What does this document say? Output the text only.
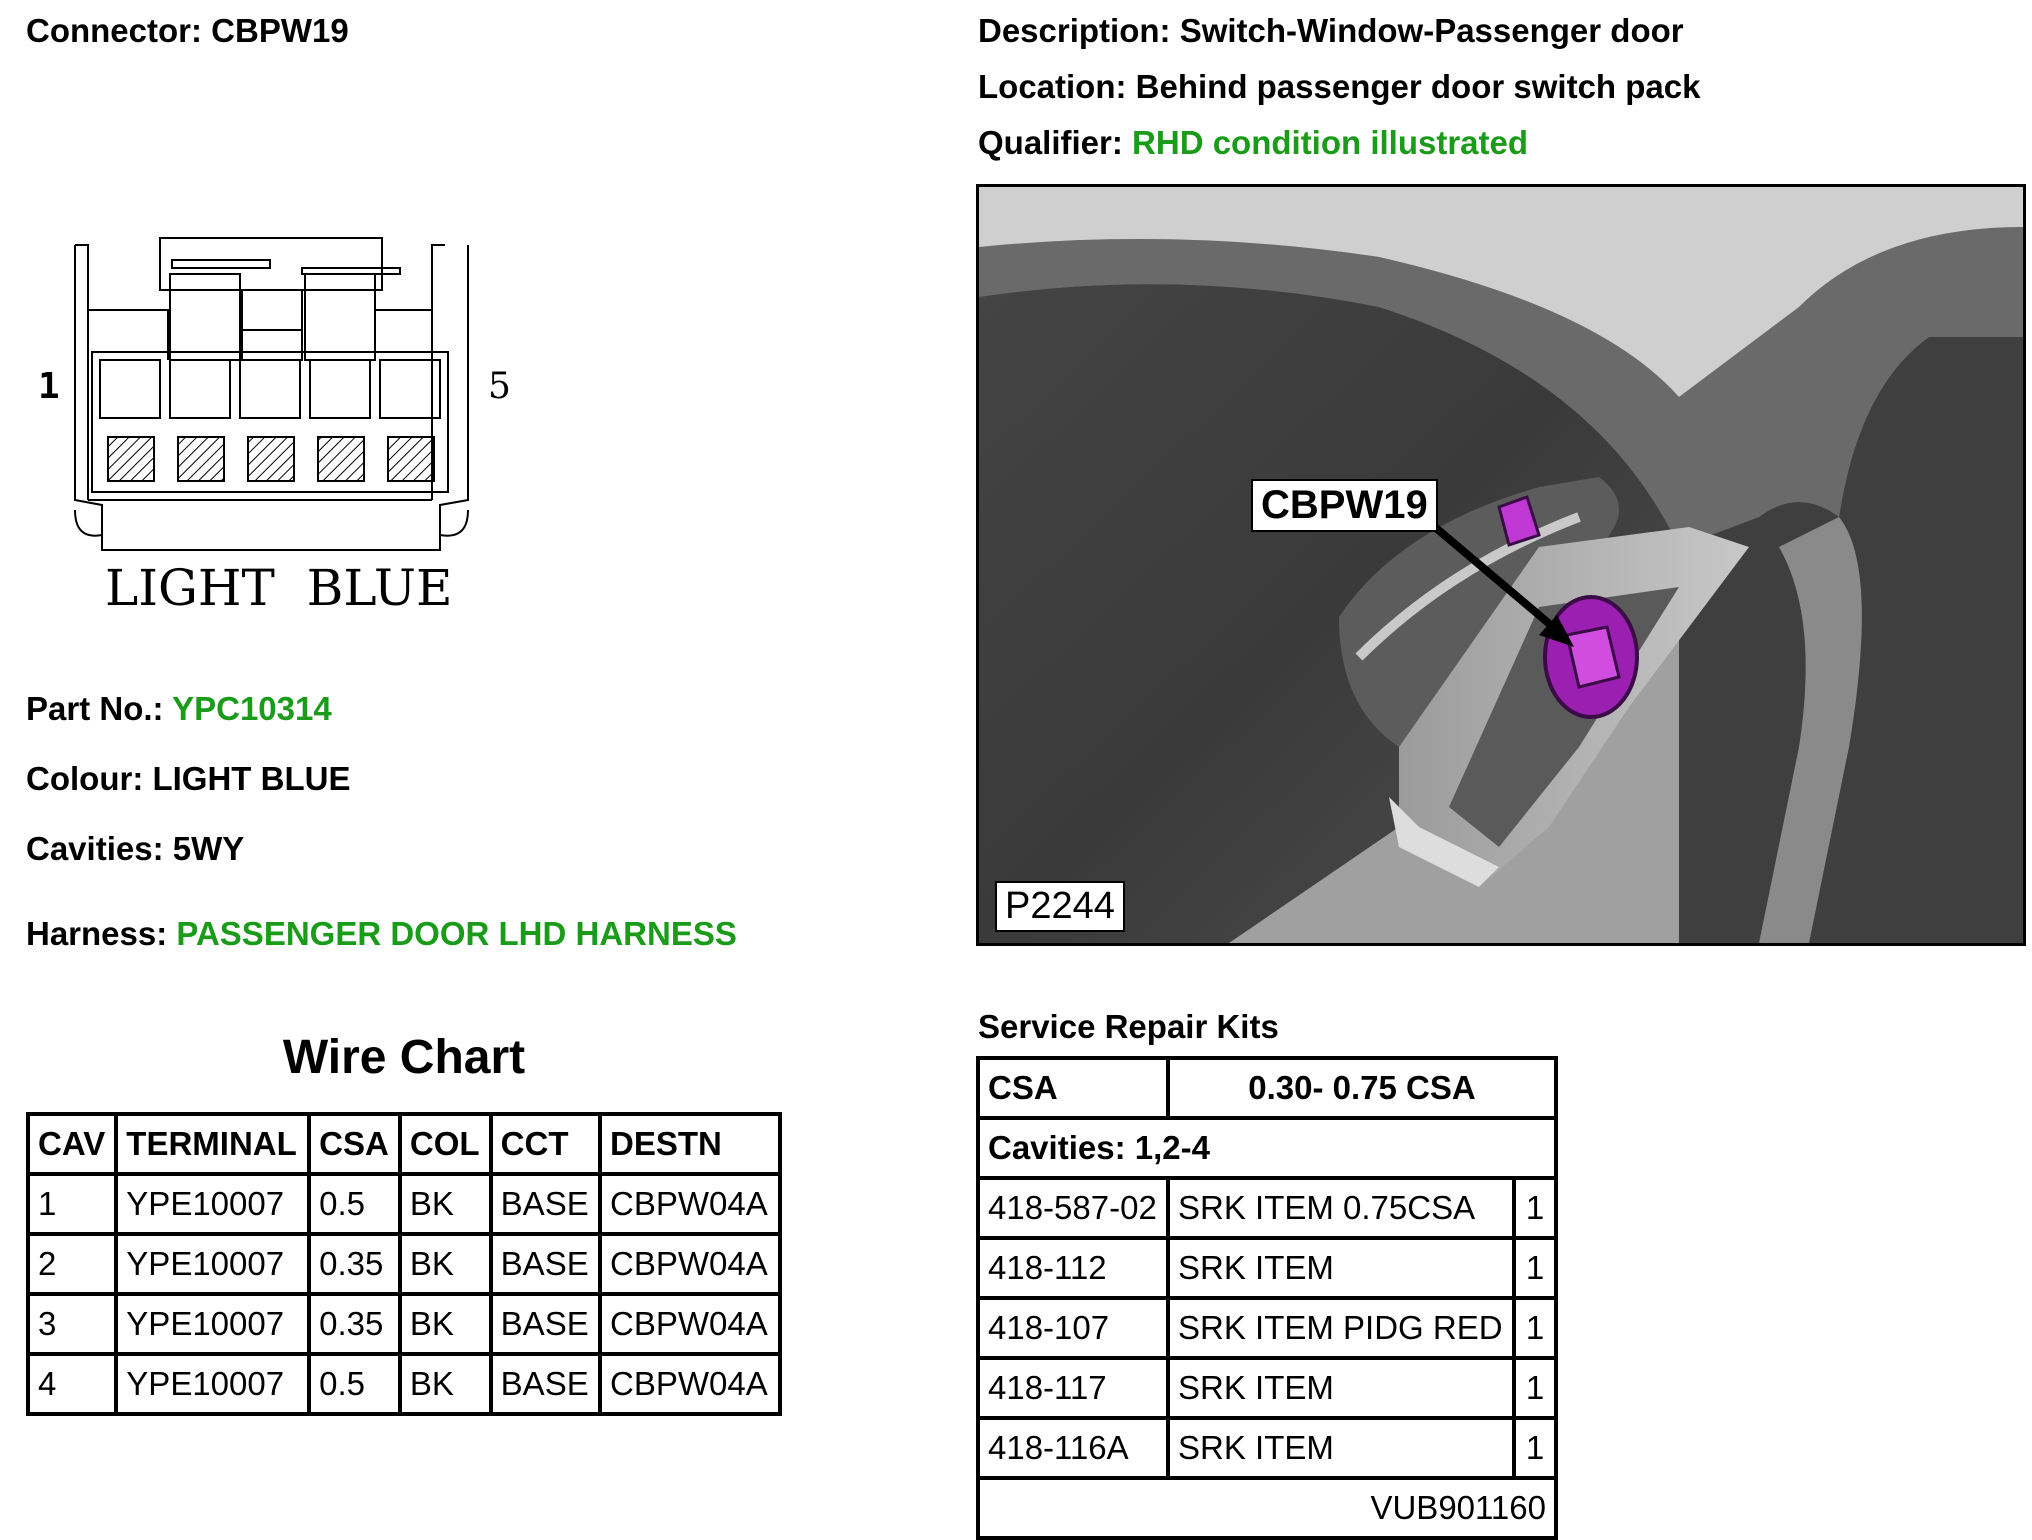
Connector: CBPW19
1	5
LIGHT  BLUE
Part No.: YPC10314
Colour: LIGHT BLUE
Cavities: 5WY
Harness: PASSENGER DOOR LHD HARNESS
Wire Chart
CAV	TERMINAL	CSA	COL	CCT	DESTN
1	YPE10007	0.5	BK	BASE	CBPW04A
2	YPE10007	0.35	BK	BASE	CBPW04A
3	YPE10007	0.35	BK	BASE	CBPW04A
4	YPE10007	0.5	BK	BASE	CBPW04A
Description: Switch-Window-Passenger door
Location: Behind passenger door switch pack
Qualifier: RHD condition illustrated
CBPW19
P2244
Service Repair Kits
CSA	0.30- 0.75 CSA	
Cavities: 1,2-4		
418-587-02	SRK ITEM 0.75CSA	1
418-112	SRK ITEM	1
418-107	SRK ITEM PIDG RED	1
418-117	SRK ITEM	1
418-116A	SRK ITEM	1
VUB901160		
